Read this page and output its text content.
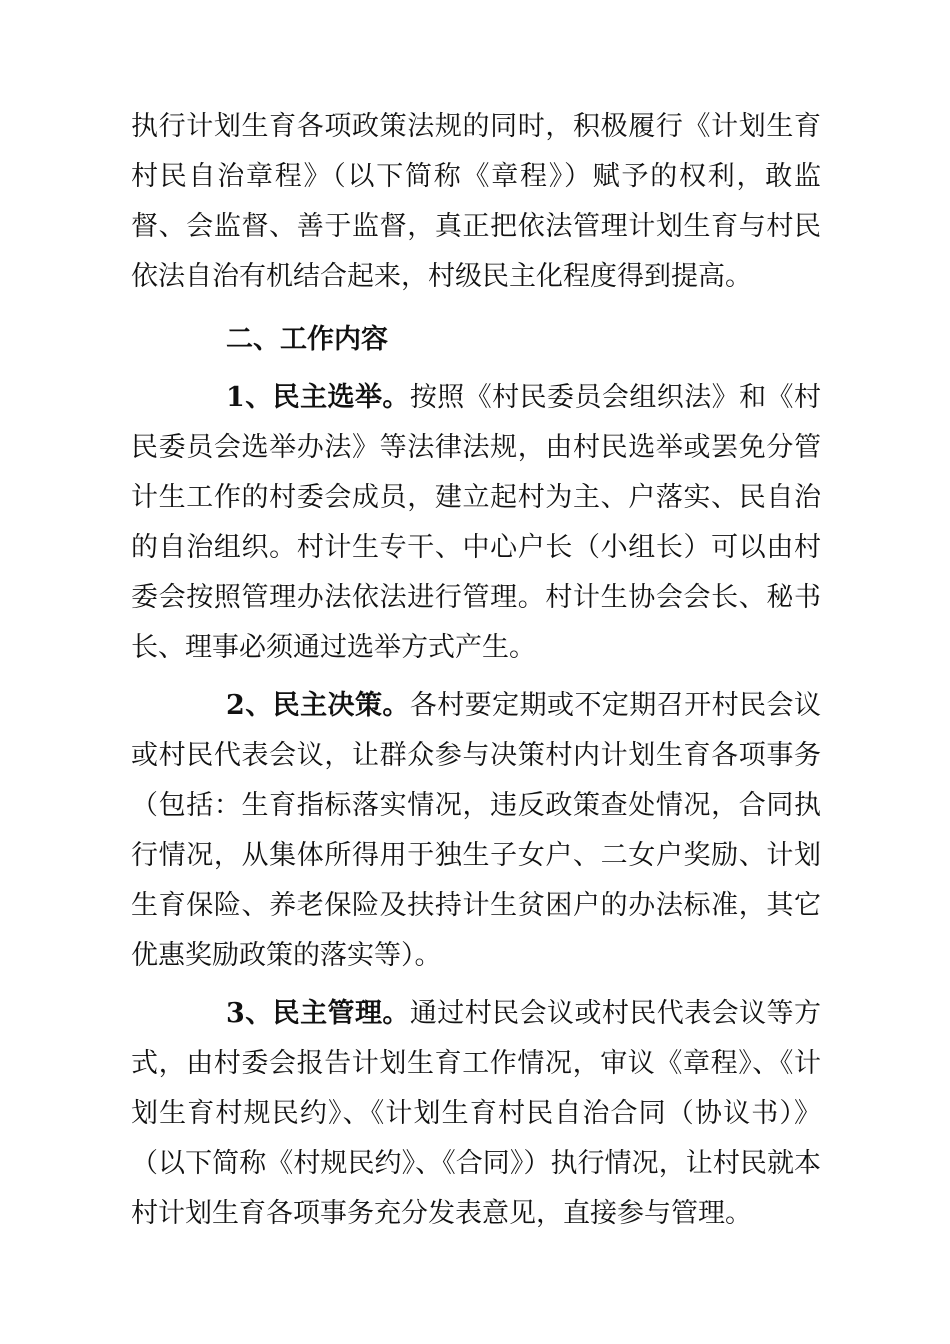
执行计划生育各项政策法规的同时，积极履行《计划生育村民自治章程》（以下简称《章程》）赋予的权利，敢监督、会监督、善于监督，真正把依法管理计划生育与村民依法自治有机结合起来，村级民主化程度得到提高。

二、工作内容

1、民主选举。按照《村民委员会组织法》和《村民委员会选举办法》等法律法规，由村民选举或罢免分管计生工作的村委会成员，建立起村为主、户落实、民自治的自治组织。村计生专干、中心户长（小组长）可以由村委会按照管理办法依法进行管理。村计生协会会长、秘书长、理事必须通过选举方式产生。

2、民主决策。各村要定期或不定期召开村民会议或村民代表会议，让群众参与决策村内计划生育各项事务（包括：生育指标落实情况，违反政策查处情况，合同执行情况，从集体所得用于独生子女户、二女户奖励、计划生育保险、养老保险及扶持计生贫困户的办法标准，其它优惠奖励政策的落实等）。

3、民主管理。通过村民会议或村民代表会议等方式，由村委会报告计划生育工作情况，审议《章程》、《计划生育村规民约》、《计划生育村民自治合同（协议书）》（以下简称《村规民约》、《合同》）执行情况，让村民就本村计划生育各项事务充分发表意见，直接参与管理。
